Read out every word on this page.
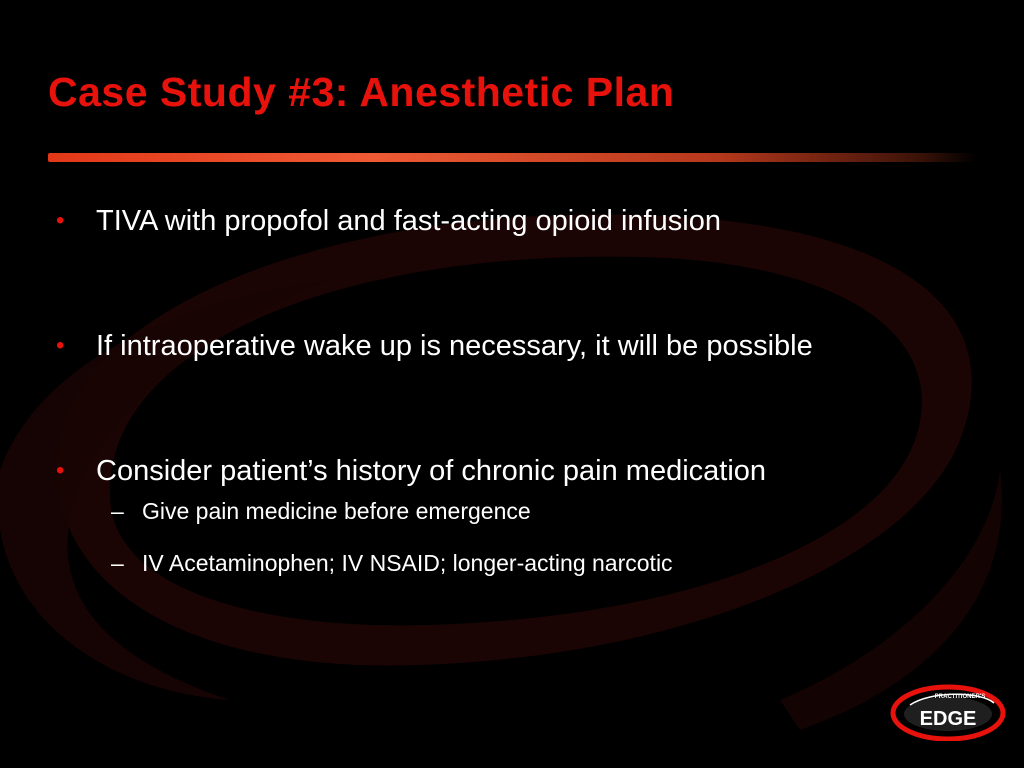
Case Study #3: Anesthetic Plan
• TIVA with propofol and fast-acting opioid infusion
• If intraoperative wake up is necessary, it will be possible
• Consider patient’s history of chronic pain medication
– Give pain medicine before emergence
– IV Acetaminophen; IV NSAID; longer-acting narcotic
PRACTITIONER'S
EDGE
